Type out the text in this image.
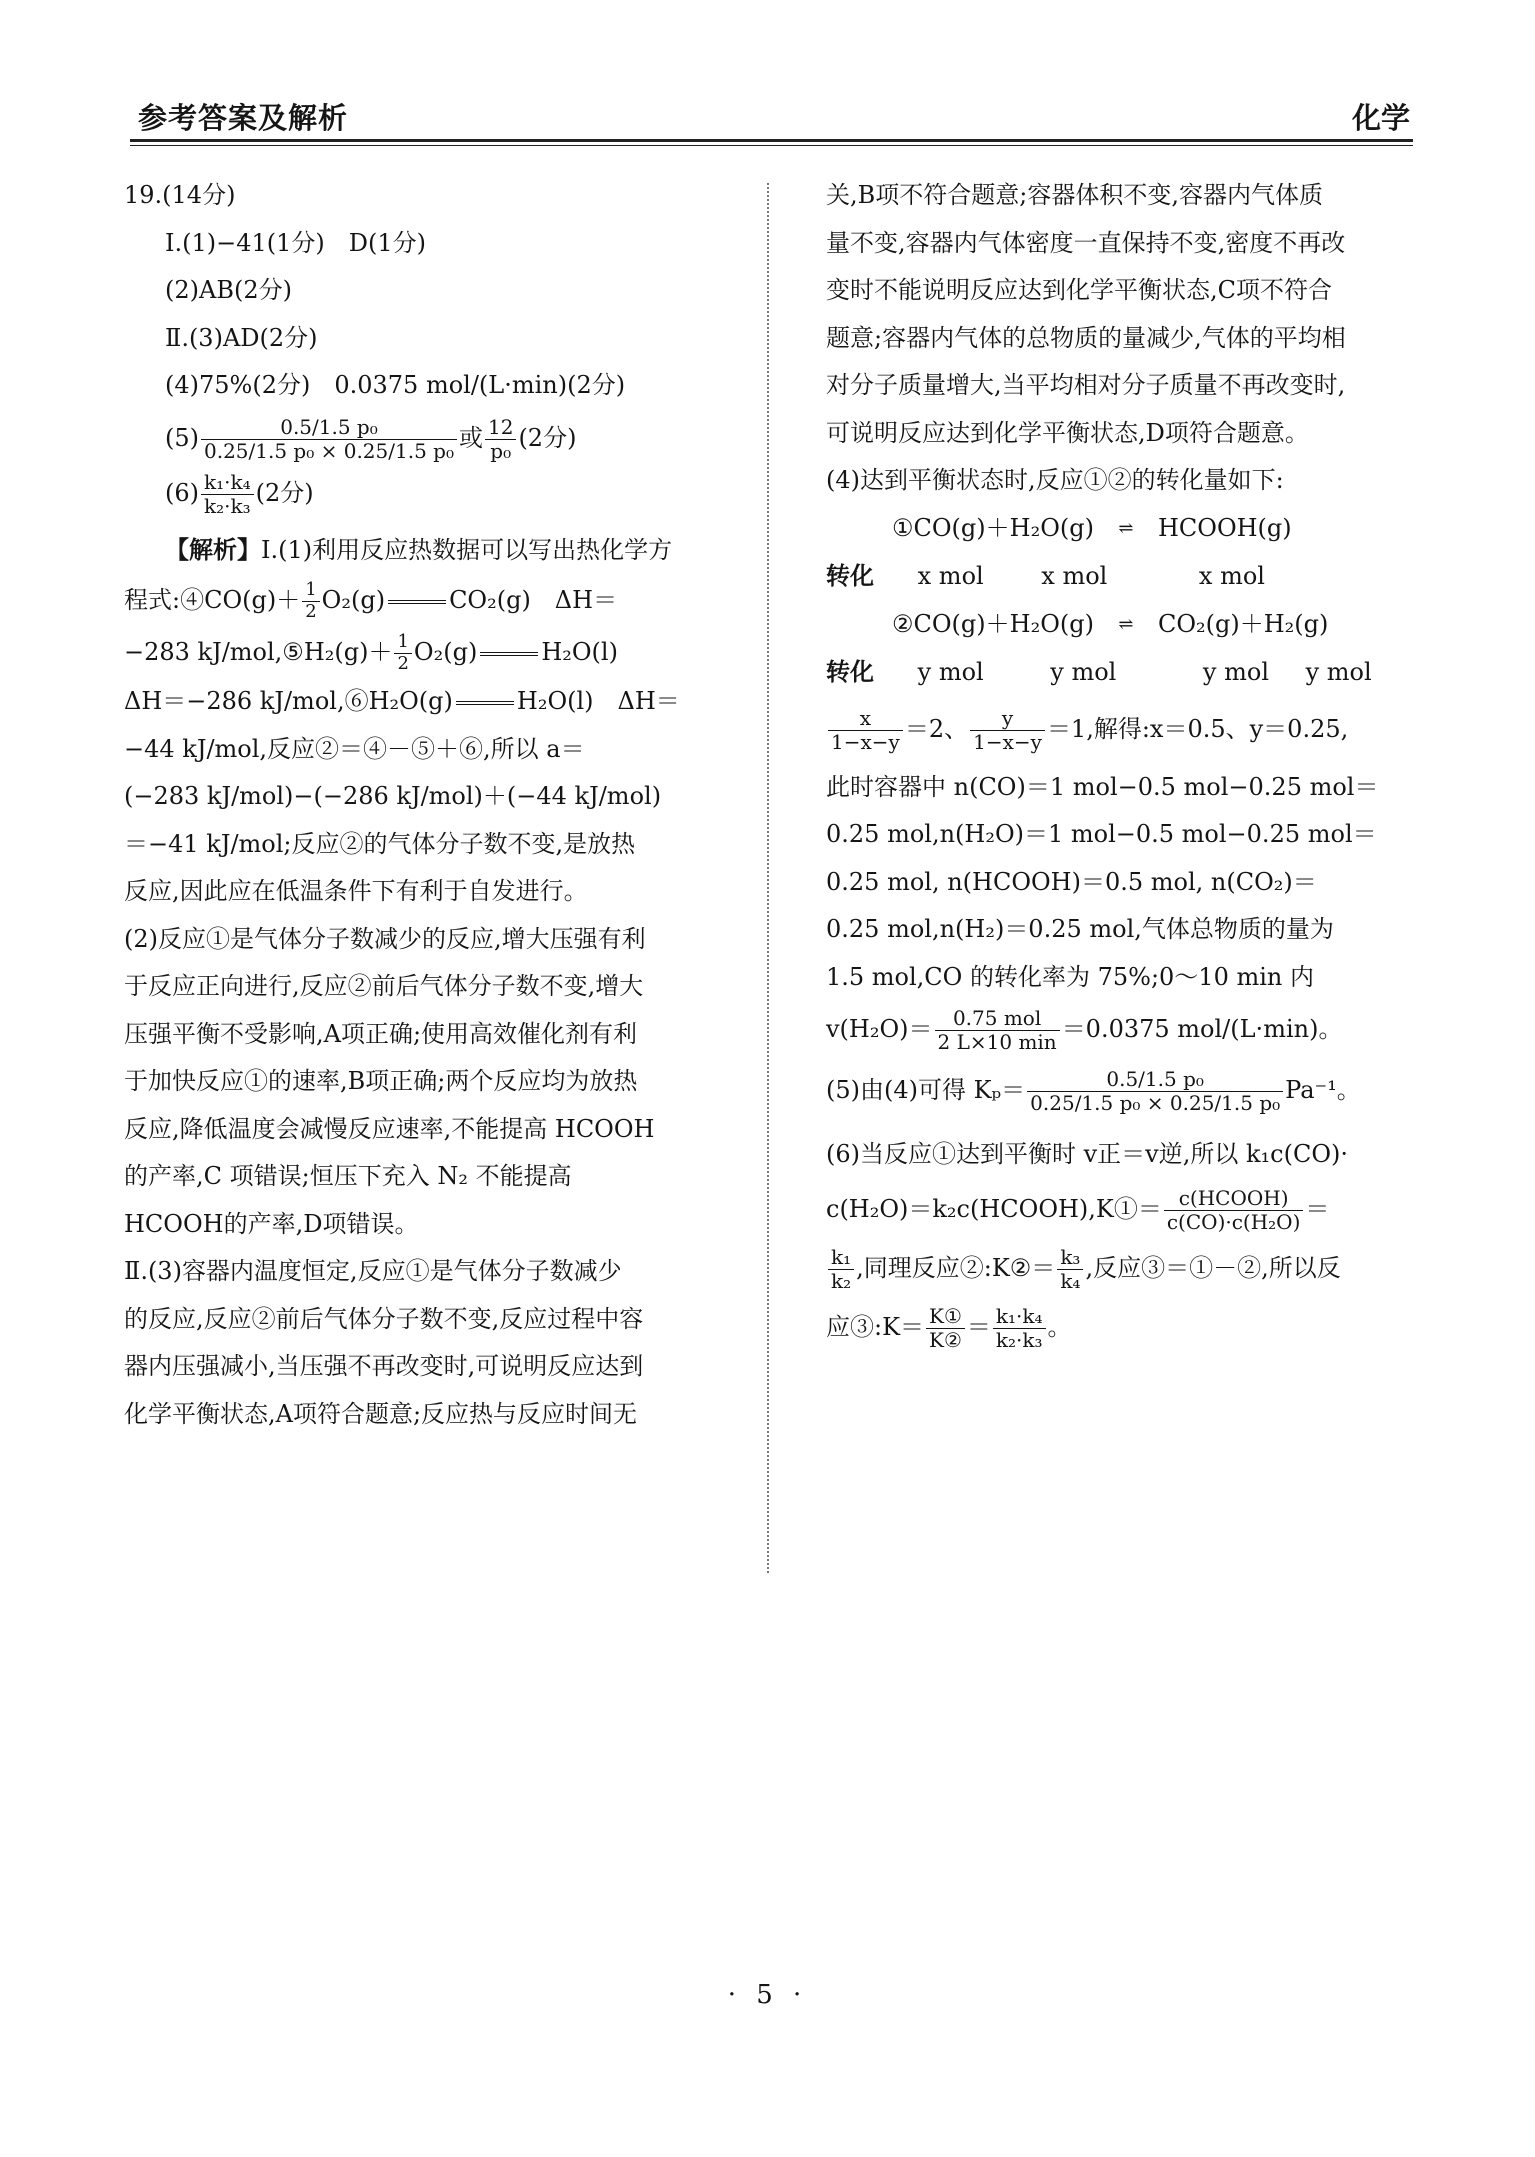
参考答案及解析	化学

19.(14分)

Ⅰ.(1)−41(1分)　D(1分)

(2)AB(2分)

Ⅱ.(3)AD(2分)

(4)75%(2分)　0.0375 mol/(L·min)(2分)

$(5) \frac{\text{0.5/1.5 p₀}}{\text{0.25/1.5 p₀ × 0.25/1.5 p₀}}$ 或 $\frac{12}{\text{p₀}} (2$分)

$(6) \frac{\text{k₁·k₄}}{\text{k₂·k₃}} (2$分)

【解析】Ⅰ.(1)利用反应热数据可以写出热化学方

程式:④CO(g)＋ $\frac{1}{2} O_2(g)$	CO₂(g)　ΔH＝

−283 kJ/mol,⑤H₂(g)＋ $\frac{1}{2} O_2(g)$	H₂O(l)

ΔH＝−286 kJ/mol,⑥H₂O(g)	H₂O(l)　ΔH＝

−44 kJ/mol,反应②＝④－⑤＋⑥,所以 a＝

(−283 kJ/mol)−(−286 kJ/mol)＋(−44 kJ/mol)

＝−41 kJ/mol;反应②的气体分子数不变,是放热

反应,因此应在低温条件下有利于自发进行。

(2)反应①是气体分子数减少的反应,增大压强有利

于反应正向进行,反应②前后气体分子数不变,增大

压强平衡不受影响,A项正确;使用高效催化剂有利

于加快反应①的速率,B项正确;两个反应均为放热

反应,降低温度会减慢反应速率,不能提高 HCOOH

的产率,C 项错误;恒压下充入 N₂ 不能提高

HCOOH的产率,D项错误。

Ⅱ.(3)容器内温度恒定,反应①是气体分子数减少

的反应,反应②前后气体分子数不变,反应过程中容

器内压强减小,当压强不再改变时,可说明反应达到

化学平衡状态,A项符合题意;反应热与反应时间无

关,B项不符合题意;容器体积不变,容器内气体质

量不变,容器内气体密度一直保持不变,密度不再改

变时不能说明反应达到化学平衡状态,C项不符合

题意;容器内气体的总物质的量减少,气体的平均相

对分子质量增大,当平均相对分子质量不再改变时,

可说明反应达到化学平衡状态,D项符合题意。

(4)达到平衡状态时,反应①②的转化量如下:

①CO(g)＋H₂O(g) ⇌ HCOOH(g)

转化 x mol x mol	x mol

②CO(g)＋H₂O(g) ⇌ CO₂(g)＋H₂(g)

转化 y mol	y mol	y mol y mol

$\frac{x}{1-x-y} =2$、 $\frac{y}{1-x-y} =1$,解得:x＝0.5、y＝0.25,

此时容器中 n(CO)＝1 mol−0.5 mol−0.25 mol＝

0.25 mol,n(H₂O)＝1 mol−0.5 mol−0.25 mol＝

0.25 mol, n(HCOOH)＝0.5 mol, n(CO₂)＝

0.25 mol,n(H₂)＝0.25 mol,气体总物质的量为

1.5 mol,CO 的转化率为 75%;0～10 min 内

$v(H_2O)= \frac{\text{0.75 mol}}{2 L\times 10 \min} =0.0375$ mol/(L·min)。

(5)由(4)可得 $K_p= \frac{\text{0.5/1.5 p₀}}{\text{0.25/1.5 p₀ × 0.25/1.5 p₀}} Pa^{-1}$。

(6)当反应①达到平衡时 v正＝v逆,所以 k₁c(CO)·

c(H₂O)＝k₂c(HCOOH),K①＝ $\frac{\text{c(HCOOH)}}{\text{c(CO)·c(H₂O)}}$ ＝

$\frac{\text{k₁}}{\text{k₂}}$ ,同理反应②:K②＝ $\frac{\text{k₃}}{\text{k₄}}$ ,反应③＝①－②,所以反

应③:K＝ $\frac{\text{K①}}{\text{K②}} = \frac{\text{k₁·k₄}}{\text{k₂·k₃}}$ 。

· 5 ·
